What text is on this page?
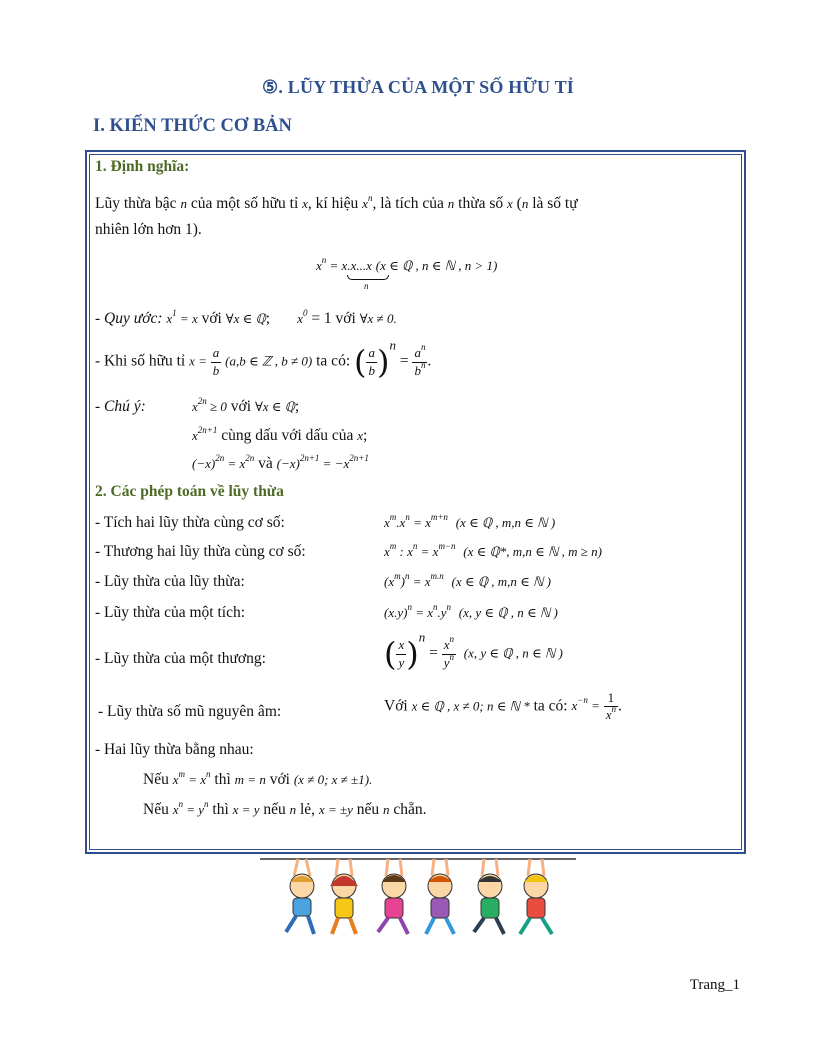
⑤. LŨY THỪA CỦA MỘT SỐ HỮU TỈ
I. KIẾN THỨC CƠ BẢN
1. Định nghĩa:
Lũy thừa bậc n của một số hữu tỉ x, kí hiệu $x^n$, là tích của n thừa số x (n là số tự
nhiên lớn hơn 1).
$x^n = x.x...x$ (x ∈ ℚ , n ∈ ℕ , n > 1)
n
- Quy ước: $x^1 = x$ với ∀x ∈ ℚ;       $x^0 = 1$ với ∀x ≠ 0.
- Khi số hữu tỉ $x = \frac{a}{b} (a,b$ ∈ ℤ , b ≠ 0) ta có: ( $\frac{a}{b} )^n = \frac{a^n}{b^n}$ .
- Chú ý:	$x^{2n} \ge 0$ với ∀x ∈ ℚ;
$x^{2n+1}$ cùng dấu với dấu của x;
$(-x)^{2n} = x^{2n}$ và $(-x)^{2n+1} = -x^{2n+1}$
2. Các phép toán về lũy thừa
- Tích hai lũy thừa cùng cơ số:	$x^m.x^n = x^{m+n}$ (x ∈ ℚ , m,n ∈ ℕ )
- Thương hai lũy thừa cùng cơ số:	$x^m$ : $x^n = x^{m-n}$ (x ∈ ℚ*, m,n ∈ ℕ , m ≥ n)
- Lũy thừa của lũy thừa:	$(x^m)^n = x^{m.n}$ (x ∈ ℚ , m,n ∈ ℕ )
- Lũy thừa của một tích:	$(x.y)^n = x^n.y^n$ (x, y ∈ ℚ , n ∈ ℕ )
- Lũy thừa của một thương:	( $\frac{x}{y} )^n = \frac{x^n}{y^n} (x$, y ∈ ℚ , n ∈ ℕ )
- Lũy thừa số mũ nguyên âm:	Với x ∈ ℚ , x ≠ 0; n ∈ ℕ * ta có: $x^{-n} = \frac{1}{x^n}$ .
- Hai lũy thừa bằng nhau:
Nếu $x^m = x^n$ thì m = n với (x ≠ 0; x ≠ ±1).
Nếu $x^n = y^n$ thì x = y nếu n lẻ, x = ±y nếu n chẵn.
Trang_1
